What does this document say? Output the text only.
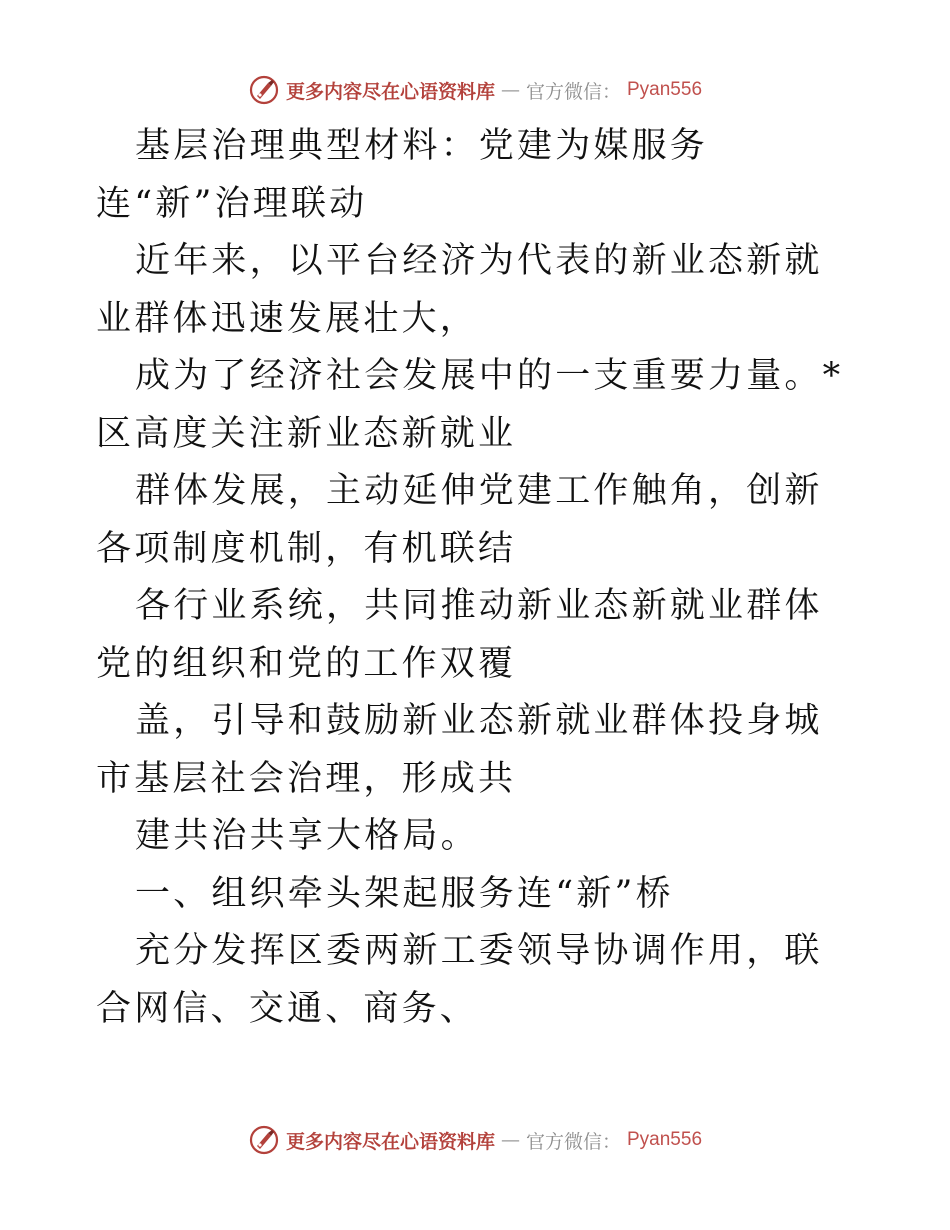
更多内容尽在心语资料库 — 官方微信： Pyan556

基层治理典型材料：党建为媒服务连“新”治理联动

近年来，以平台经济为代表的新业态新就业群体迅速发展壮大，

成为了经济社会发展中的一支重要力量。*区高度关注新业态新就业

群体发展，主动延伸党建工作触角，创新各项制度机制，有机联结

各行业系统，共同推动新业态新就业群体党的组织和党的工作双覆

盖，引导和鼓励新业态新就业群体投身城市基层社会治理，形成共

建共治共享大格局。

一、组织牵头架起服务连“新”桥

充分发挥区委两新工委领导协调作用，联合网信、交通、商务、

更多内容尽在心语资料库 — 官方微信： Pyan556
